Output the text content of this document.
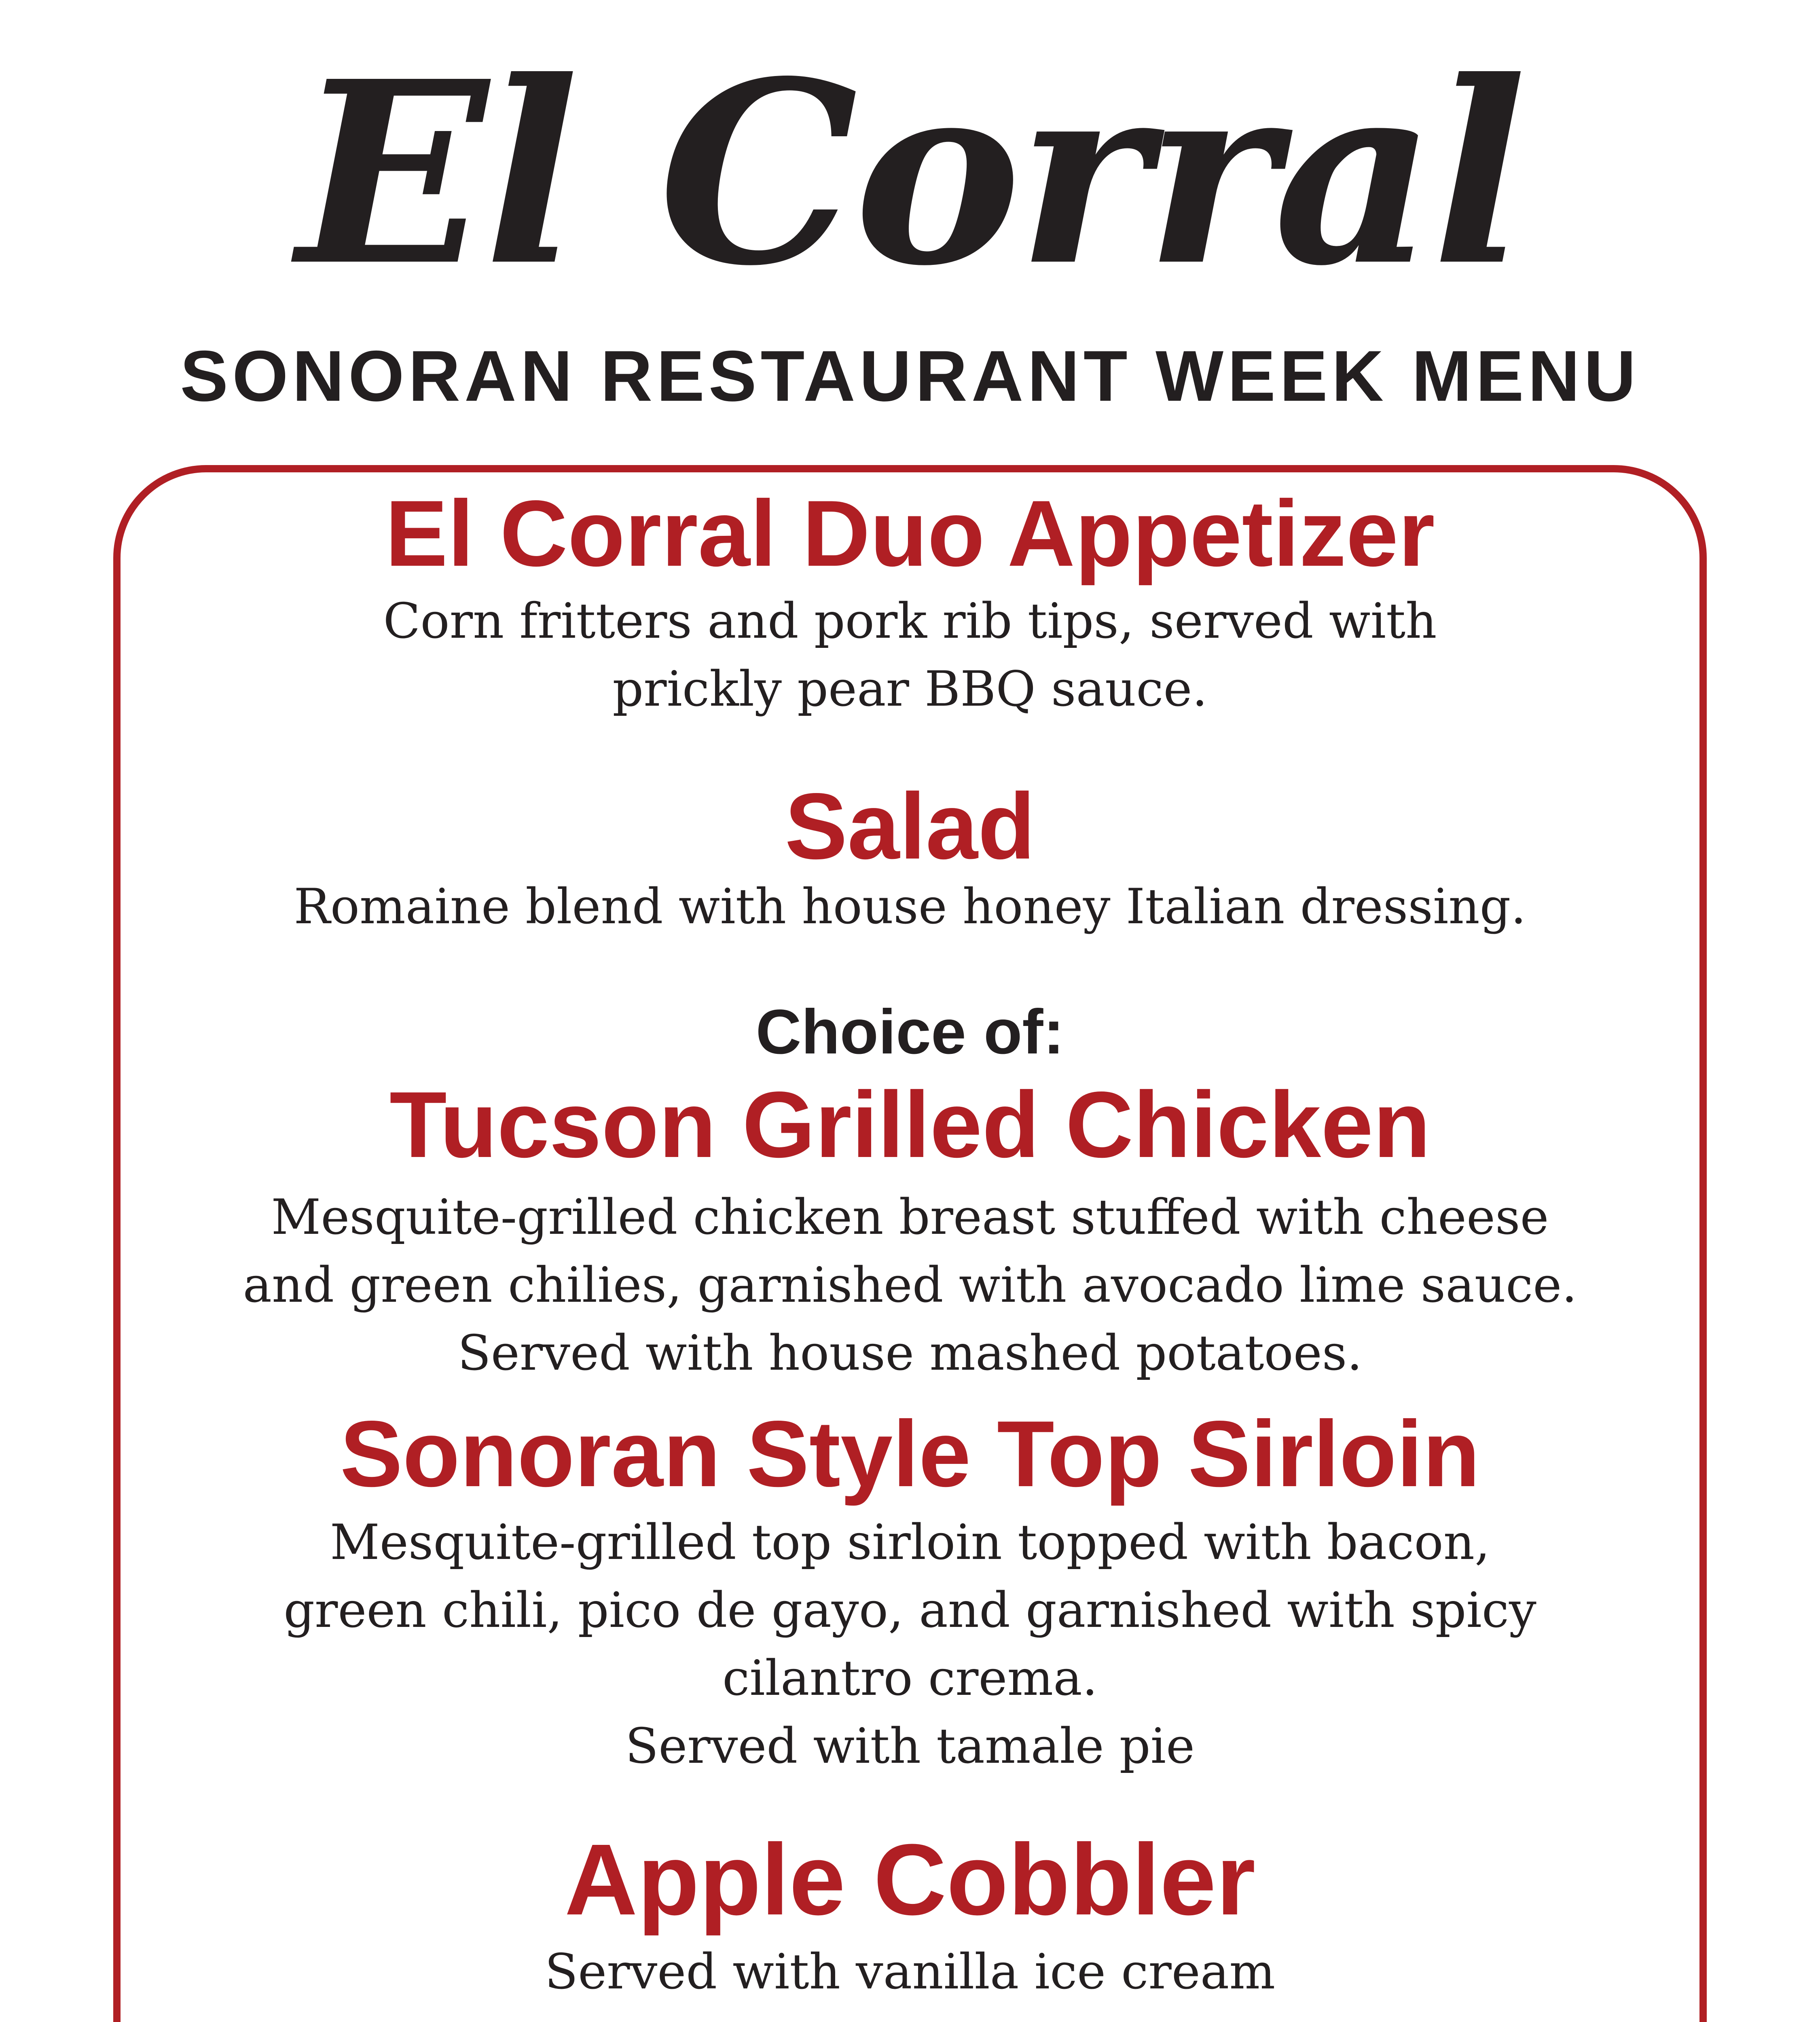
El Corral
SONORAN RESTAURANT WEEK MENU
El Corral Duo Appetizer

Corn fritters and pork rib tips, served with

prickly pear BBQ sauce.

Salad

Romaine blend with house honey Italian dressing.

Choice of:

Tucson Grilled Chicken

Mesquite-grilled chicken breast stuffed with cheese

and green chilies, garnished with avocado lime sauce.

Served with house mashed potatoes.

Sonoran Style Top Sirloin

Mesquite-grilled top sirloin topped with bacon,

green chili, pico de gayo, and garnished with spicy

cilantro crema.

Served with tamale pie

Apple Cobbler

Served with vanilla ice cream
